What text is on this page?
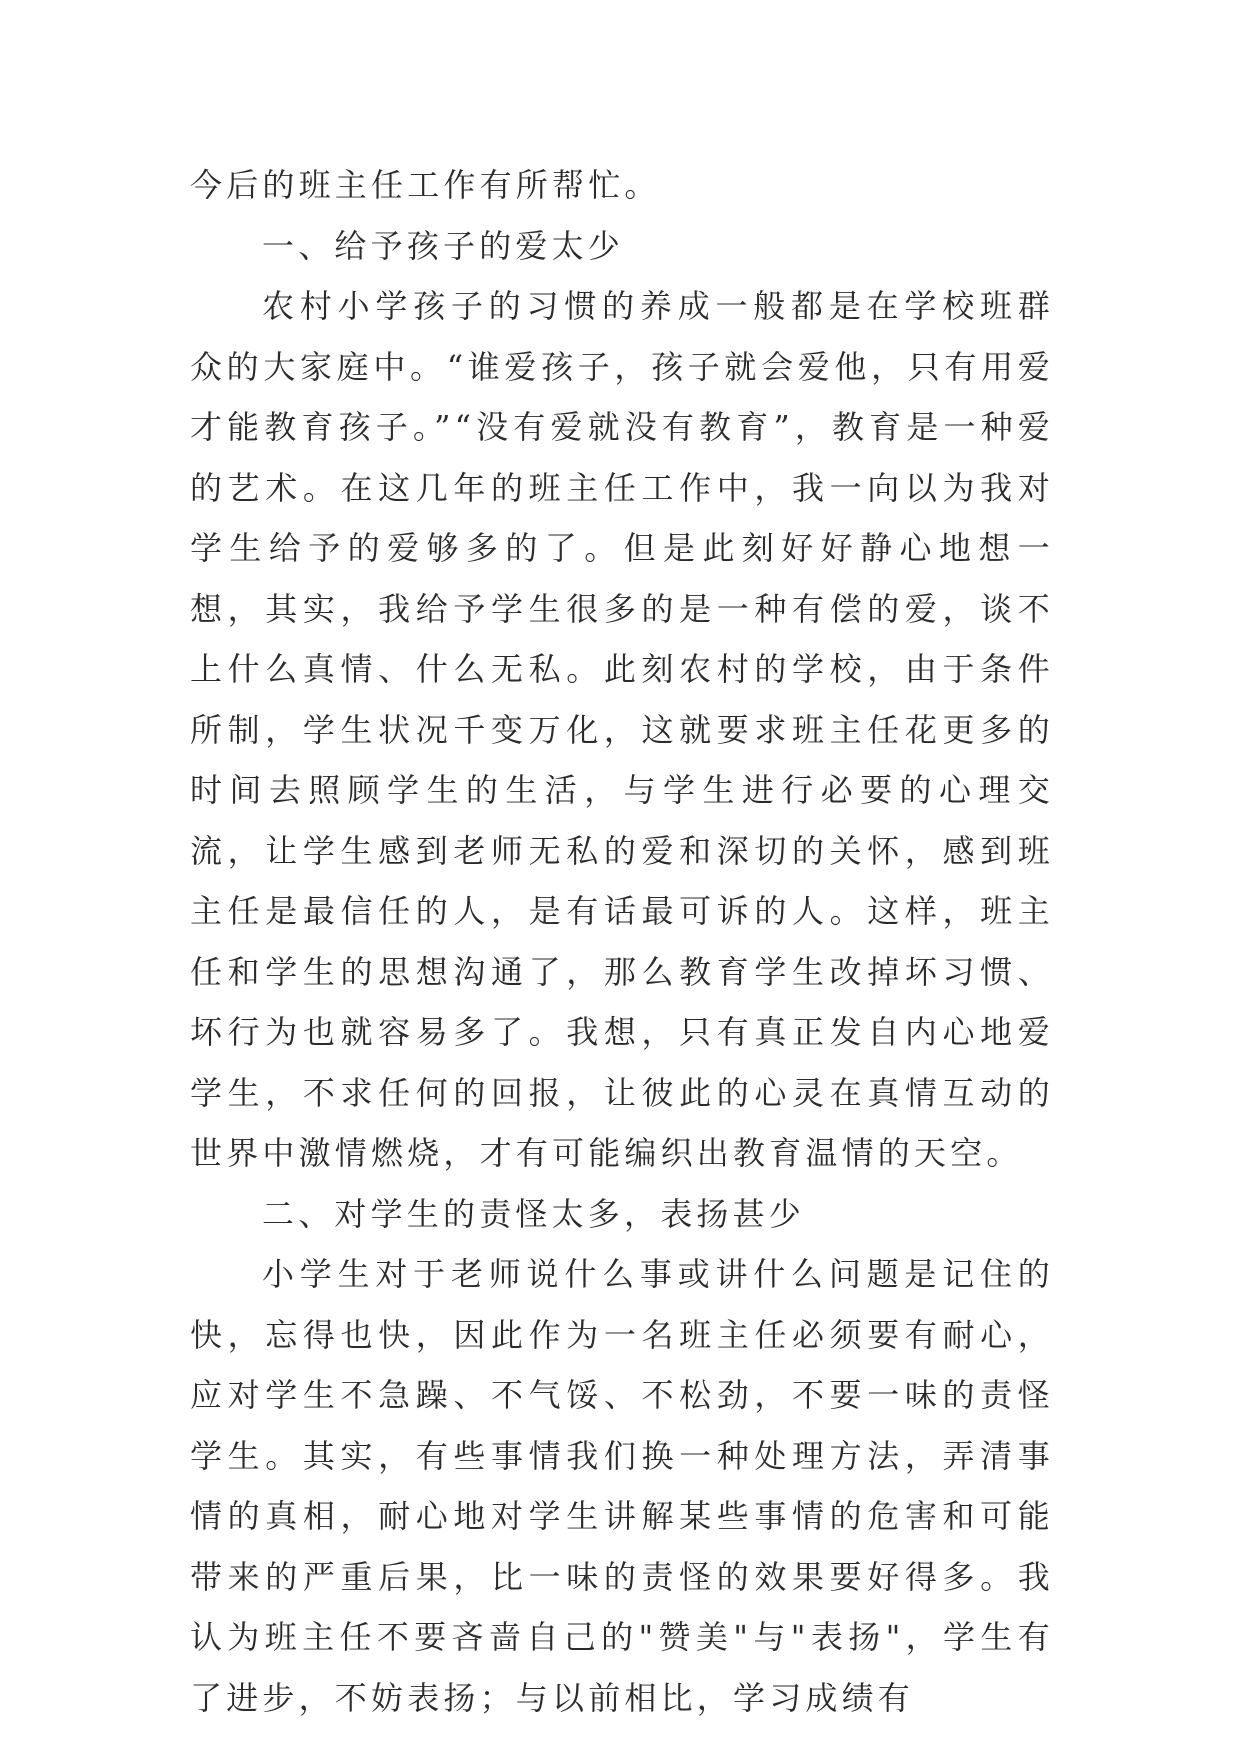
今后的班主任工作有所帮忙。

一、给予孩子的爱太少

农村小学孩子的习惯的养成一般都是在学校班群众的大家庭中。“谁爱孩子，孩子就会爱他，只有用爱才能教育孩子。”“没有爱就没有教育”，教育是一种爱的艺术。在这几年的班主任工作中，我一向以为我对学生给予的爱够多的了。但是此刻好好静心地想一想，其实，我给予学生很多的是一种有偿的爱，谈不上什么真情、什么无私。此刻农村的学校，由于条件所制，学生状况千变万化，这就要求班主任花更多的时间去照顾学生的生活，与学生进行必要的心理交流，让学生感到老师无私的爱和深切的关怀，感到班主任是最信任的人，是有话最可诉的人。这样，班主任和学生的思想沟通了，那么教育学生改掉坏习惯、坏行为也就容易多了。我想，只有真正发自内心地爱学生，不求任何的回报，让彼此的心灵在真情互动的世界中激情燃烧，才有可能编织出教育温情的天空。

二、对学生的责怪太多，表扬甚少

小学生对于老师说什么事或讲什么问题是记住的快，忘得也快，因此作为一名班主任必须要有耐心，应对学生不急躁、不气馁、不松劲，不要一味的责怪学生。其实，有些事情我们换一种处理方法，弄清事情的真相，耐心地对学生讲解某些事情的危害和可能带来的严重后果，比一味的责怪的效果要好得多。我认为班主任不要吝啬自己的"赞美"与"表扬"，学生有了进步，不妨表扬；与以前相比，学习成绩有
